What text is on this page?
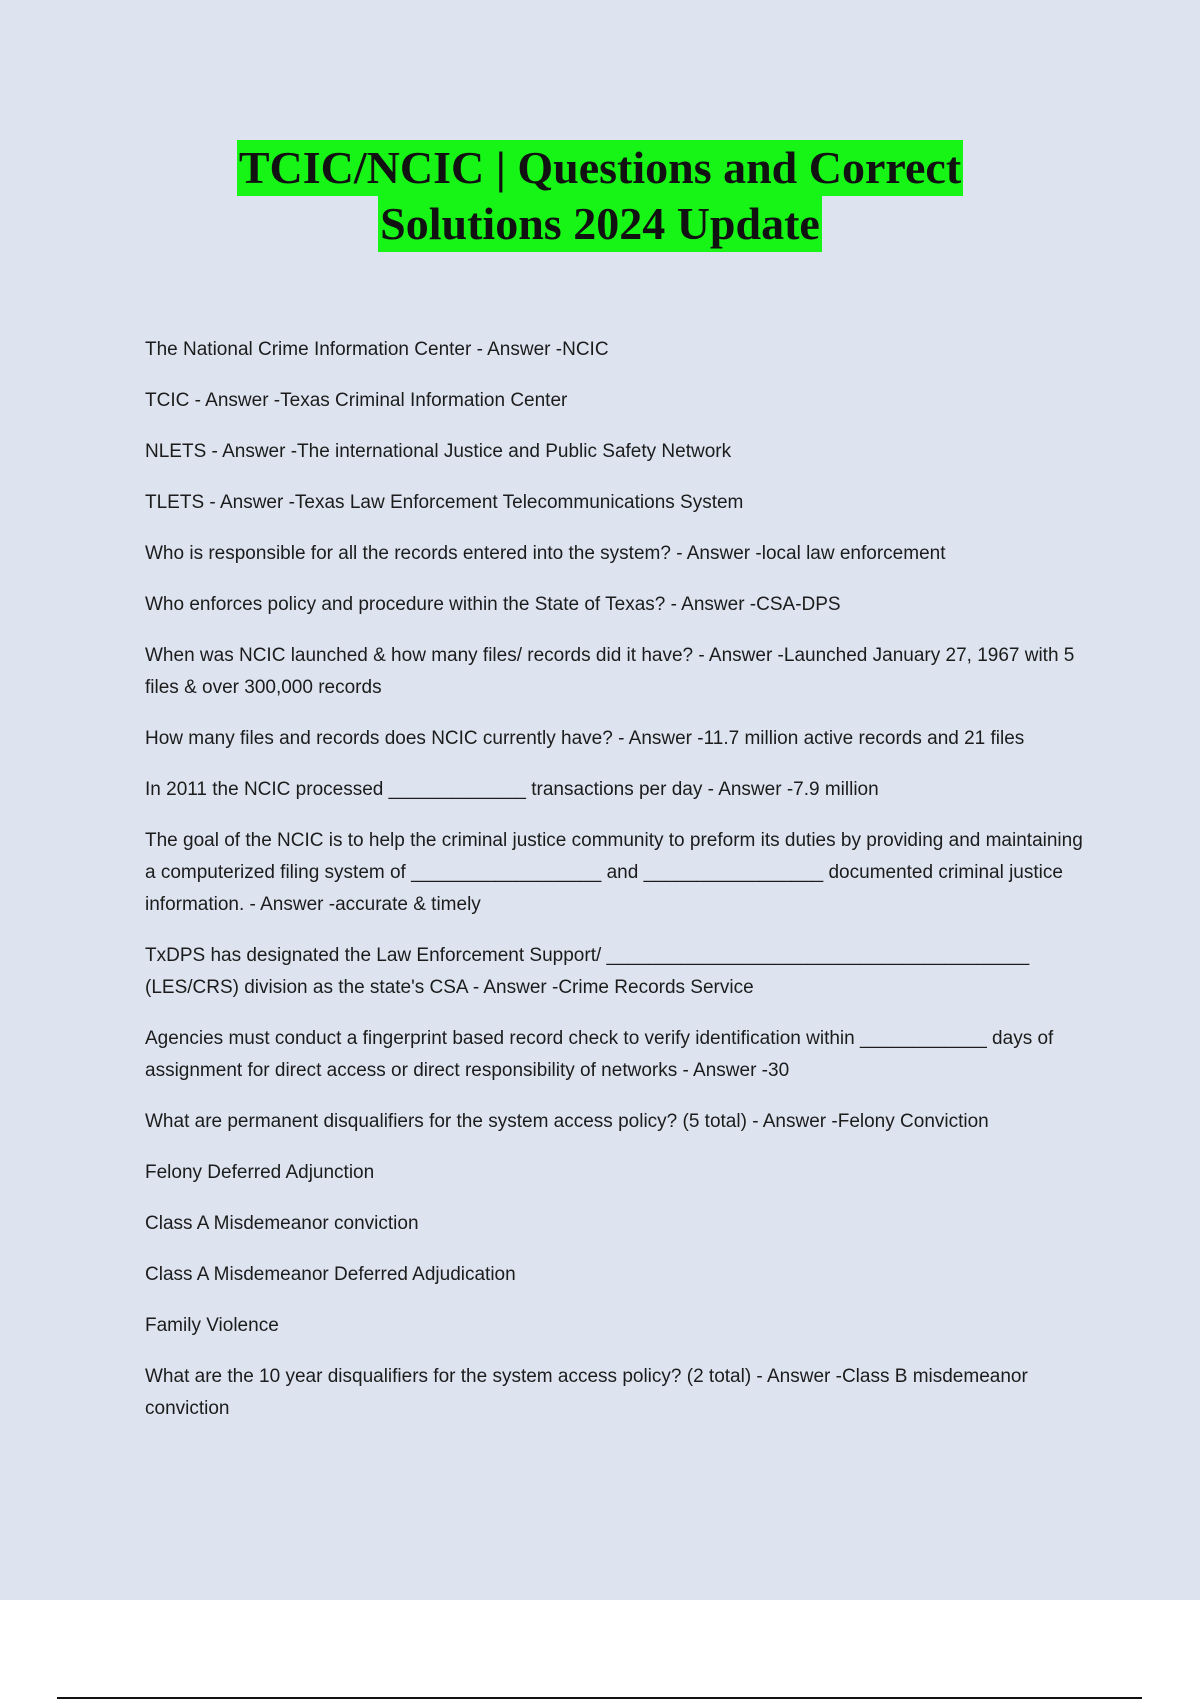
TCIC/NCIC | Questions and Correct
Solutions 2024 Update

The National Crime Information Center - Answer -NCIC

TCIC - Answer -Texas Criminal Information Center

NLETS - Answer -The international Justice and Public Safety Network

TLETS - Answer -Texas Law Enforcement Telecommunications System

Who is responsible for all the records entered into the system? - Answer -local law enforcement

Who enforces policy and procedure within the State of Texas? - Answer -CSA-DPS

When was NCIC launched & how many files/ records did it have? - Answer -Launched January 27, 1967 with 5 files & over 300,000 records

How many files and records does NCIC currently have? - Answer -11.7 million active records and 21 files

In 2011 the NCIC processed _____________ transactions per day - Answer -7.9 million

The goal of the NCIC is to help the criminal justice community to preform its duties by providing and maintaining a computerized filing system of __________________ and _________________ documented criminal justice information. - Answer -accurate & timely

TxDPS has designated the Law Enforcement Support/ ________________________________________ (LES/CRS) division as the state's CSA - Answer -Crime Records Service

Agencies must conduct a fingerprint based record check to verify identification within ____________ days of assignment for direct access or direct responsibility of networks - Answer -30

What are permanent disqualifiers for the system access policy? (5 total) - Answer -Felony Conviction

Felony Deferred Adjunction

Class A Misdemeanor conviction

Class A Misdemeanor Deferred Adjudication

Family Violence

What are the 10 year disqualifiers for the system access policy? (2 total) - Answer -Class B misdemeanor conviction
